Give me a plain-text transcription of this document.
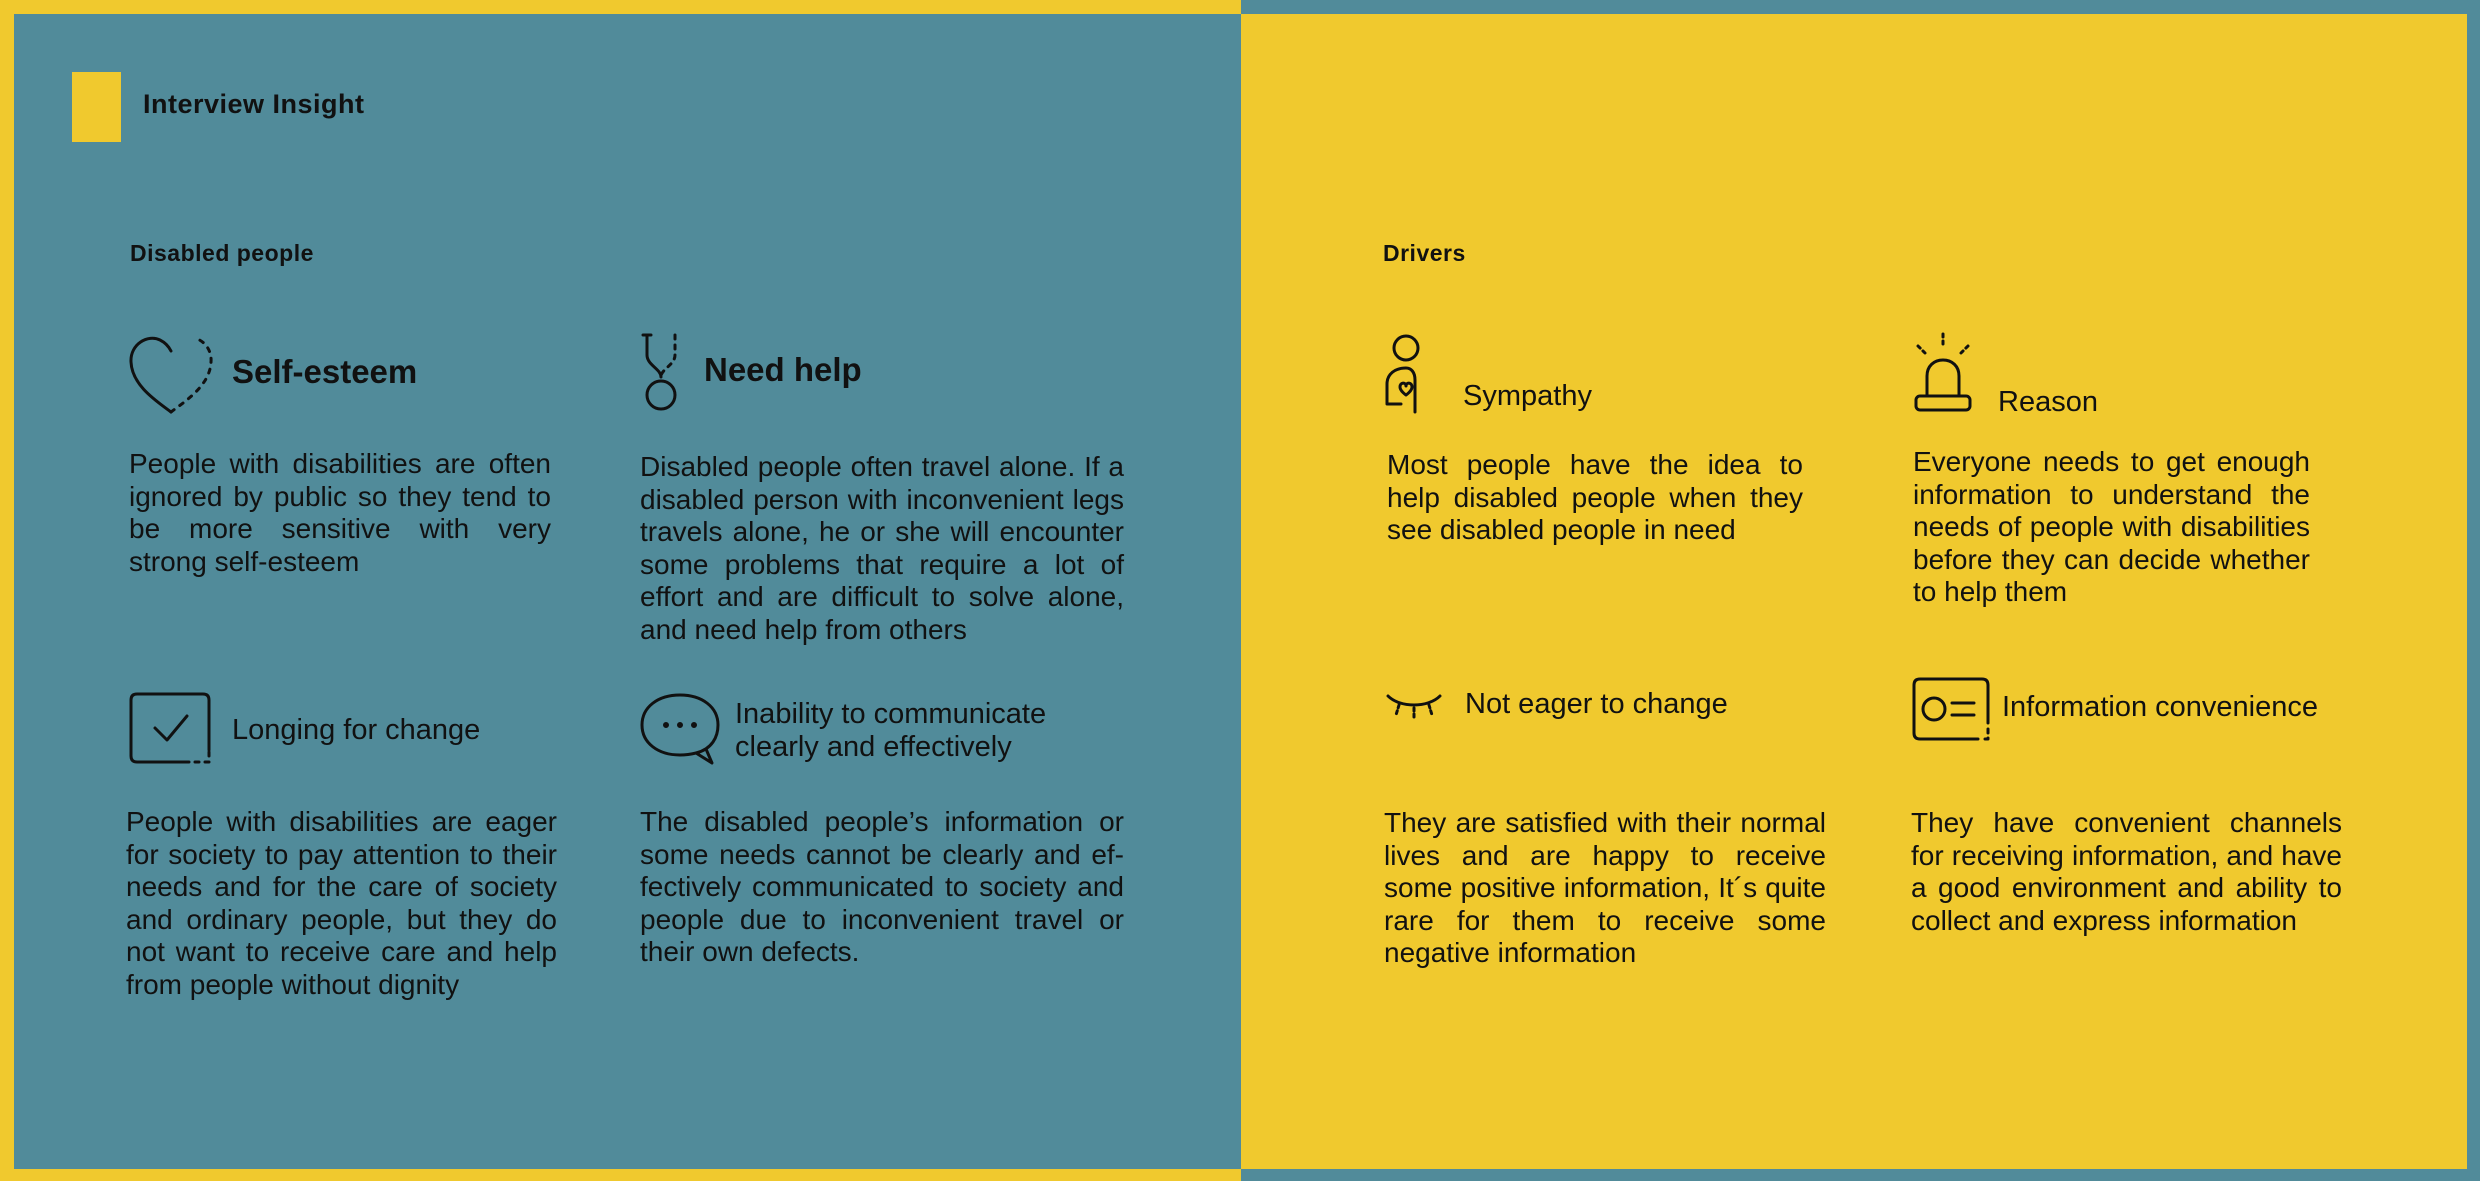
Interview Insight
Disabled people	Drivers
Self-esteem
People with disabilities are often ignored by public so they tend to be more sensitive with very strong self-esteem
Need help
Disabled people often travel alone. If a disabled person with inconvenient legs travels alone, he or she will encounter some problems that require a lot of effort and are difficult to solve alone, and need help from others
Longing for change
People with disabilities are eager for society to pay attention to their needs and for the care of society and ordinary people, but they do not want to receive care and help from people without dignity
Inability to communicate clearly and effectively
The disabled people’s information or some needs cannot be clearly and ef-fectively communicated to society and people due to inconvenient travel or their own defects.
Sympathy
Most people have the idea to help disabled people when they see disabled people in need
Reason
Everyone needs to get enough information to understand the needs of people with disabilities before they can decide whether to help them
Not eager to change
They are satisfied with their normal lives and are happy to receive some positive information, It´s quite rare for them to receive some negative information
Information convenience
They have convenient channels for receiving information, and have a good environment and ability to collect and express information
